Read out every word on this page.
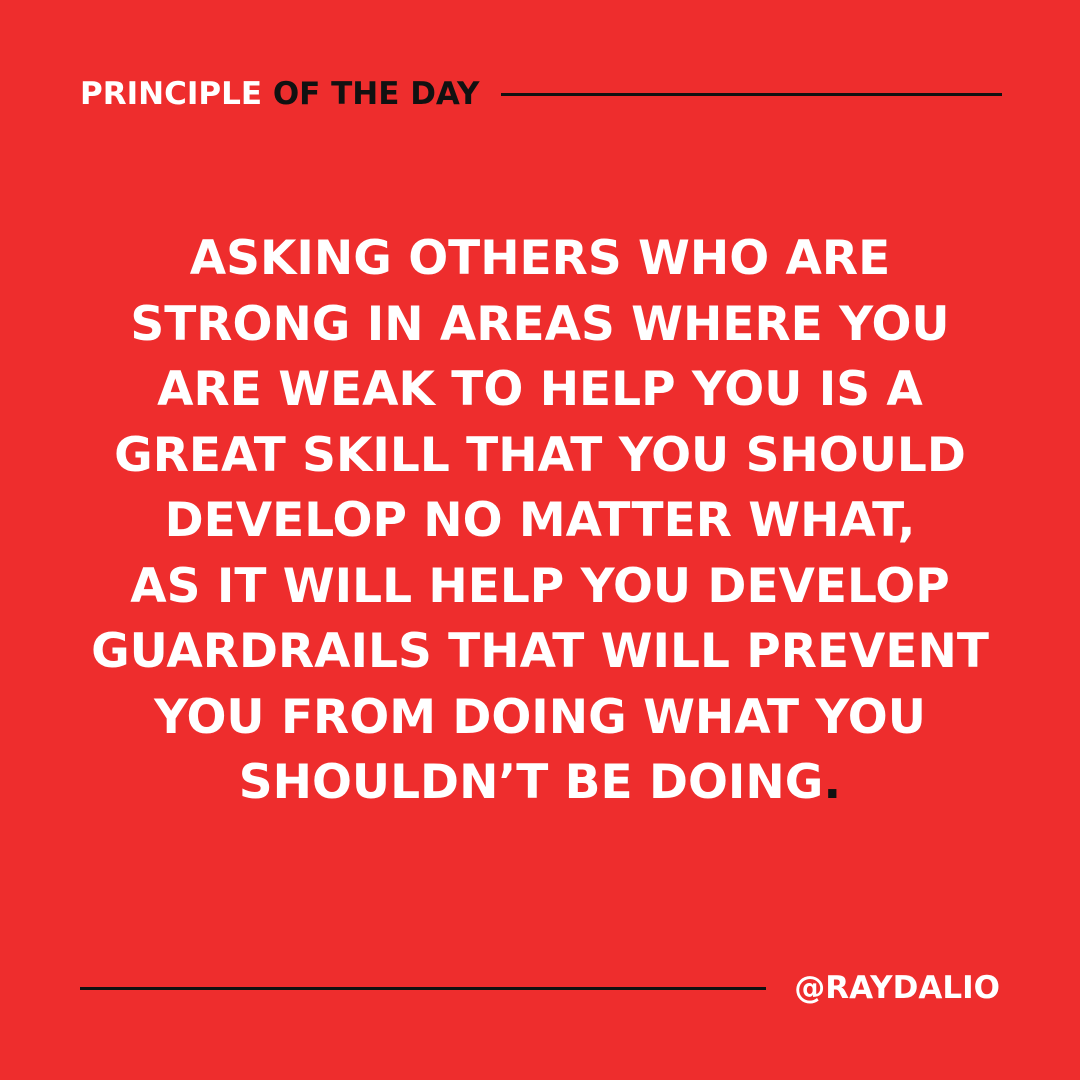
PRINCIPLE OF THE DAY
ASKING OTHERS WHO ARE
STRONG IN AREAS WHERE YOU
ARE WEAK TO HELP YOU IS A
GREAT SKILL THAT YOU SHOULD
DEVELOP NO MATTER WHAT,
AS IT WILL HELP YOU DEVELOP
GUARDRAILS THAT WILL PREVENT
YOU FROM DOING WHAT YOU
SHOULDN’T BE DOING.
@RAYDALIO
